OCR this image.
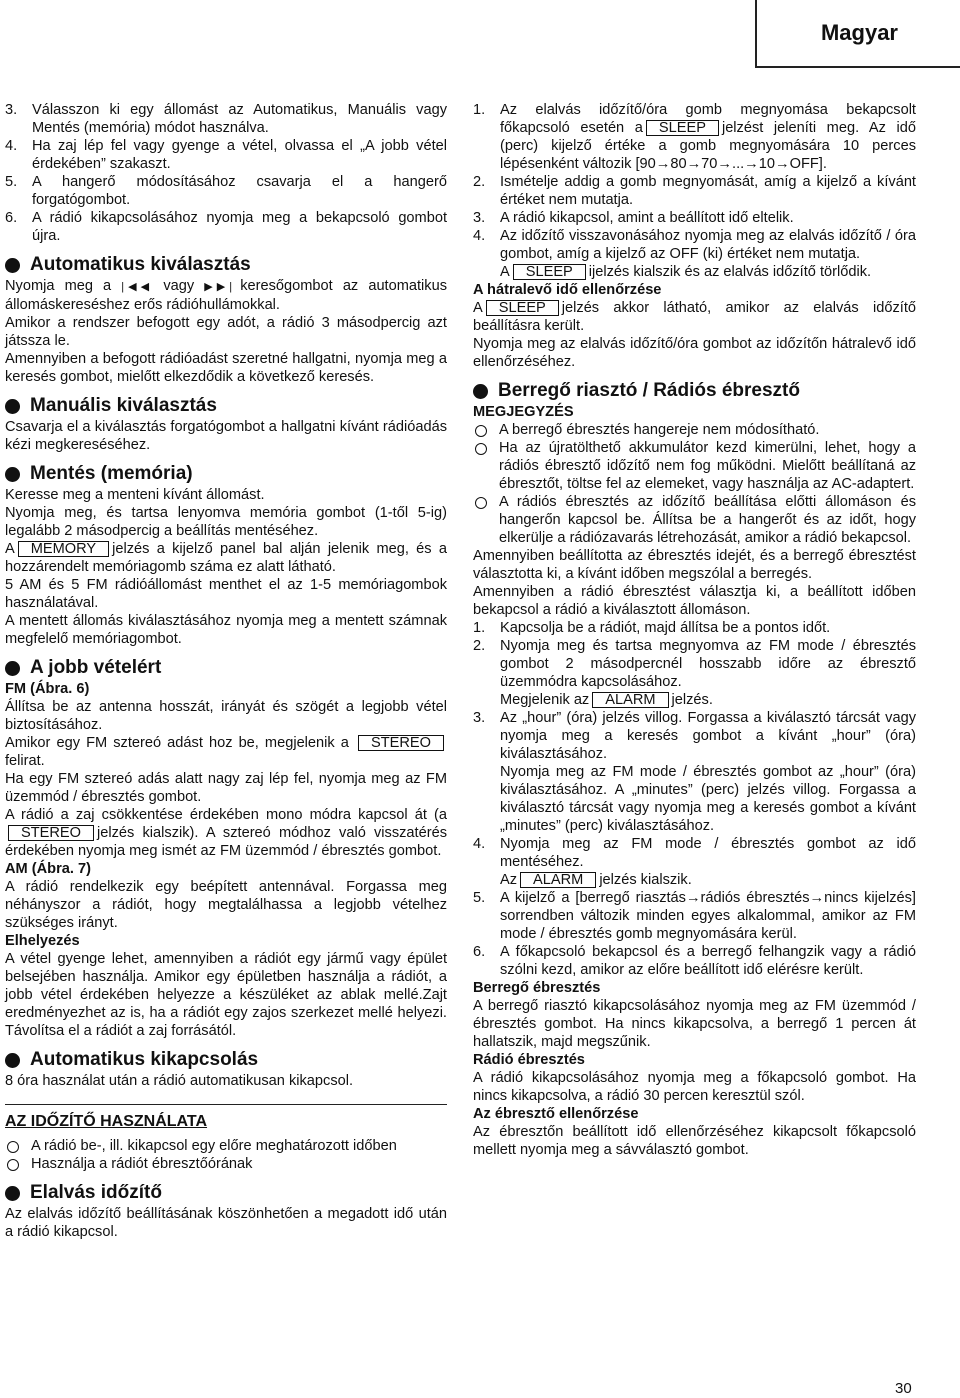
Magyar
3.	Válasszon ki egy állomást az Automatikus, Manuális vagy Mentés (memória) módot használva.
4.	Ha zaj lép fel vagy gyenge a vétel, olvassa el „A jobb vétel érdekében” szakaszt.
5.	A hangerő módosításához csavarja el a hangerő forgatógombot.
6.	A rádió kikapcsolásához nyomja meg a bekapcsoló gombot újra.
Automatikus kiválasztás

Nyomja meg a |◀◀ vagy ▶▶| keresőgombot az automatikus állomáskereséshez erős rádióhullámokkal.

Amikor a rendszer befogott egy adót, a rádió 3 másodpercig azt játssza le.

Amennyiben a befogott rádióadást szeretné hallgatni, nyomja meg a keresés gombot, mielőtt elkezdődik a következő keresés.

Manuális kiválasztás

Csavarja el a kiválasztás forgatógombot a hallgatni kívánt rádióadás kézi megkereséséhez.

Mentés (memória)

Keresse meg a menteni kívánt állomást.

Nyomja meg, és tartsa lenyomva memória gombot (1-től 5-ig) legalább 2 másodpercig a beállítás mentéséhez.

A MEMORY jelzés a kijelző panel bal alján jelenik meg, és a hozzárendelt memóriagomb száma ez alatt látható.

5 AM és 5 FM rádióállomást menthet el az 1-5 memóriagombok használatával.

A mentett állomás kiválasztásához nyomja meg a mentett számnak megfelelő memóriagombot.

A jobb vételért

FM (Ábra. 6)

Állítsa be az antenna hosszát, irányát és szögét a legjobb vétel biztosításához.

Amikor egy FM sztereó adást hoz be, megjelenik a STEREOfelirat.

Ha egy FM sztereó adás alatt nagy zaj lép fel, nyomja meg az FM üzemmód / ébresztés gombot.

A rádió a zaj csökkentése érdekében mono módra kapcsol át (aSTEREO jelzés kialszik). A sztereó módhoz való visszatérés érdekében nyomja meg ismét az FM üzemmód / ébresztés gombot.

AM (Ábra. 7)

A rádió rendelkezik egy beépített antennával. Forgassa meg néhányszor a rádiót, hogy megtalálhassa a legjobb vételhez szükséges irányt.

Elhelyezés

A vétel gyenge lehet, amennyiben a rádiót egy jármű vagy épület belsejében használja. Amikor egy épületben használja a rádiót, a jobb vétel érdekében helyezze a készüléket az ablak mellé.Zajt eredményezhet az is, ha a rádiót egy zajos szerkezet mellé helyezi. Távolítsa el a rádiót a zaj forrásától.

Automatikus kikapcsolás

8 óra használat után a rádió automatikusan kikapcsol.

AZ IDŐZÍTŐ HASZNÁLATA

A rádió be-, ill. kikapcsol egy előre meghatározott időben
Használja a rádiót ébresztőórának
Elalvás időzítő

Az elalvás időzítő beállításának köszönhetően a megadott idő után a rádió kikapcsol.

1.	Az elalvás időzítő/óra gomb megnyomása bekapcsolt főkapcsoló esetén a SLEEP jelzést jeleníti meg. Az idő (perc) kijelző értéke a gomb megnyomására 10 perces lépésenként változik [90→80→70→...→10→OFF].
2.	Ismételje addig a gomb megnyomását, amíg a kijelző a kívánt értéket nem mutatja.
3.	A rádió kikapcsol, amint a beállított idő eltelik.
4.	Az időzítő visszavonásához nyomja meg az elalvás időzítő / óra gombot, amíg a kijelző az OFF (ki) értéket nem mutatja.
A SLEEP ijelzés kialszik és az elalvás időzítő törlődik.

A hátralevő idő ellenőrzése

A SLEEP jelzés akkor látható, amikor az elalvás időzítő beállításra került.

Nyomja meg az elalvás időzítő/óra gombot az időzítőn hátralevő idő ellenőrzéséhez.

Berregő riasztó / Rádiós ébresztő

MEGJEGYZÉS

A berregő ébresztés hangereje nem módosítható.
Ha az újratölthető akkumulátor kezd kimerülni, lehet, hogy a rádiós ébresztő időzítő nem fog működni. Mielőtt beállítaná az ébresztőt, töltse fel az elemeket, vagy használja az AC-adaptert.
A rádiós ébresztés az időzítő beállítása előtti állomáson és hangerőn kapcsol be. Állítsa be a hangerőt és az időt, hogy elkerülje a rádiózavarás létrehozását, amikor a rádió bekapcsol.

Amennyiben beállította az ébresztés idejét, és a berregő ébresztést választotta ki, a kívánt időben megszólal a berregés.

Amennyiben a rádió ébresztést választja ki, a beállított időben bekapcsol a rádió a kiválasztott állomáson.

1.	Kapcsolja be a rádiót, majd állítsa be a pontos időt.
2.	Nyomja meg és tartsa megnyomva az FM mode / ébresztés gombot 2 másodpercnél hosszabb időre az ébresztő üzemmódra kapcsolásához.
Megjelenik az ALARM jelzés.
3.	Az „hour” (óra) jelzés villog. Forgassa a kiválasztó tárcsát vagy nyomja meg a keresés gombot a kívánt „hour” (óra) kiválasztásához.
Nyomja meg az FM mode / ébresztés gombot az „hour” (óra) kiválasztásához. A „minutes” (perc) jelzés villog. Forgassa a kiválasztó tárcsát vagy nyomja meg a keresés gombot a kívánt „minutes” (perc) kiválasztásához.
4.	Nyomja meg az FM mode / ébresztés gombot az idő mentéséhez.
Az ALARM jelzés kialszik.
5.	A kijelző a [berregő riasztás→rádiós ébresztés→nincs kijelzés] sorrendben változik minden egyes alkalommal, amikor az FM mode / ébresztés gomb megnyomására kerül.
6.	A főkapcsoló bekapcsol és a berregő felhangzik vagy a rádió szólni kezd, amikor az előre beállított idő elérésre került.

Berregő ébresztés

A berregő riasztó kikapcsolásához nyomja meg az FM üzemmód / ébresztés gombot. Ha nincs kikapcsolva, a berregő 1 percen át hallatszik, majd megszűnik.

Rádió ébresztés

A rádió kikapcsolásához nyomja meg a főkapcsoló gombot. Ha nincs kikapcsolva, a rádió 30 percen keresztül szól.

Az ébresztő ellenőrzése

Az ébresztőn beállított idő ellenőrzéséhez kikapcsolt főkapcsoló mellett nyomja meg a sávválasztó gombot.

30
